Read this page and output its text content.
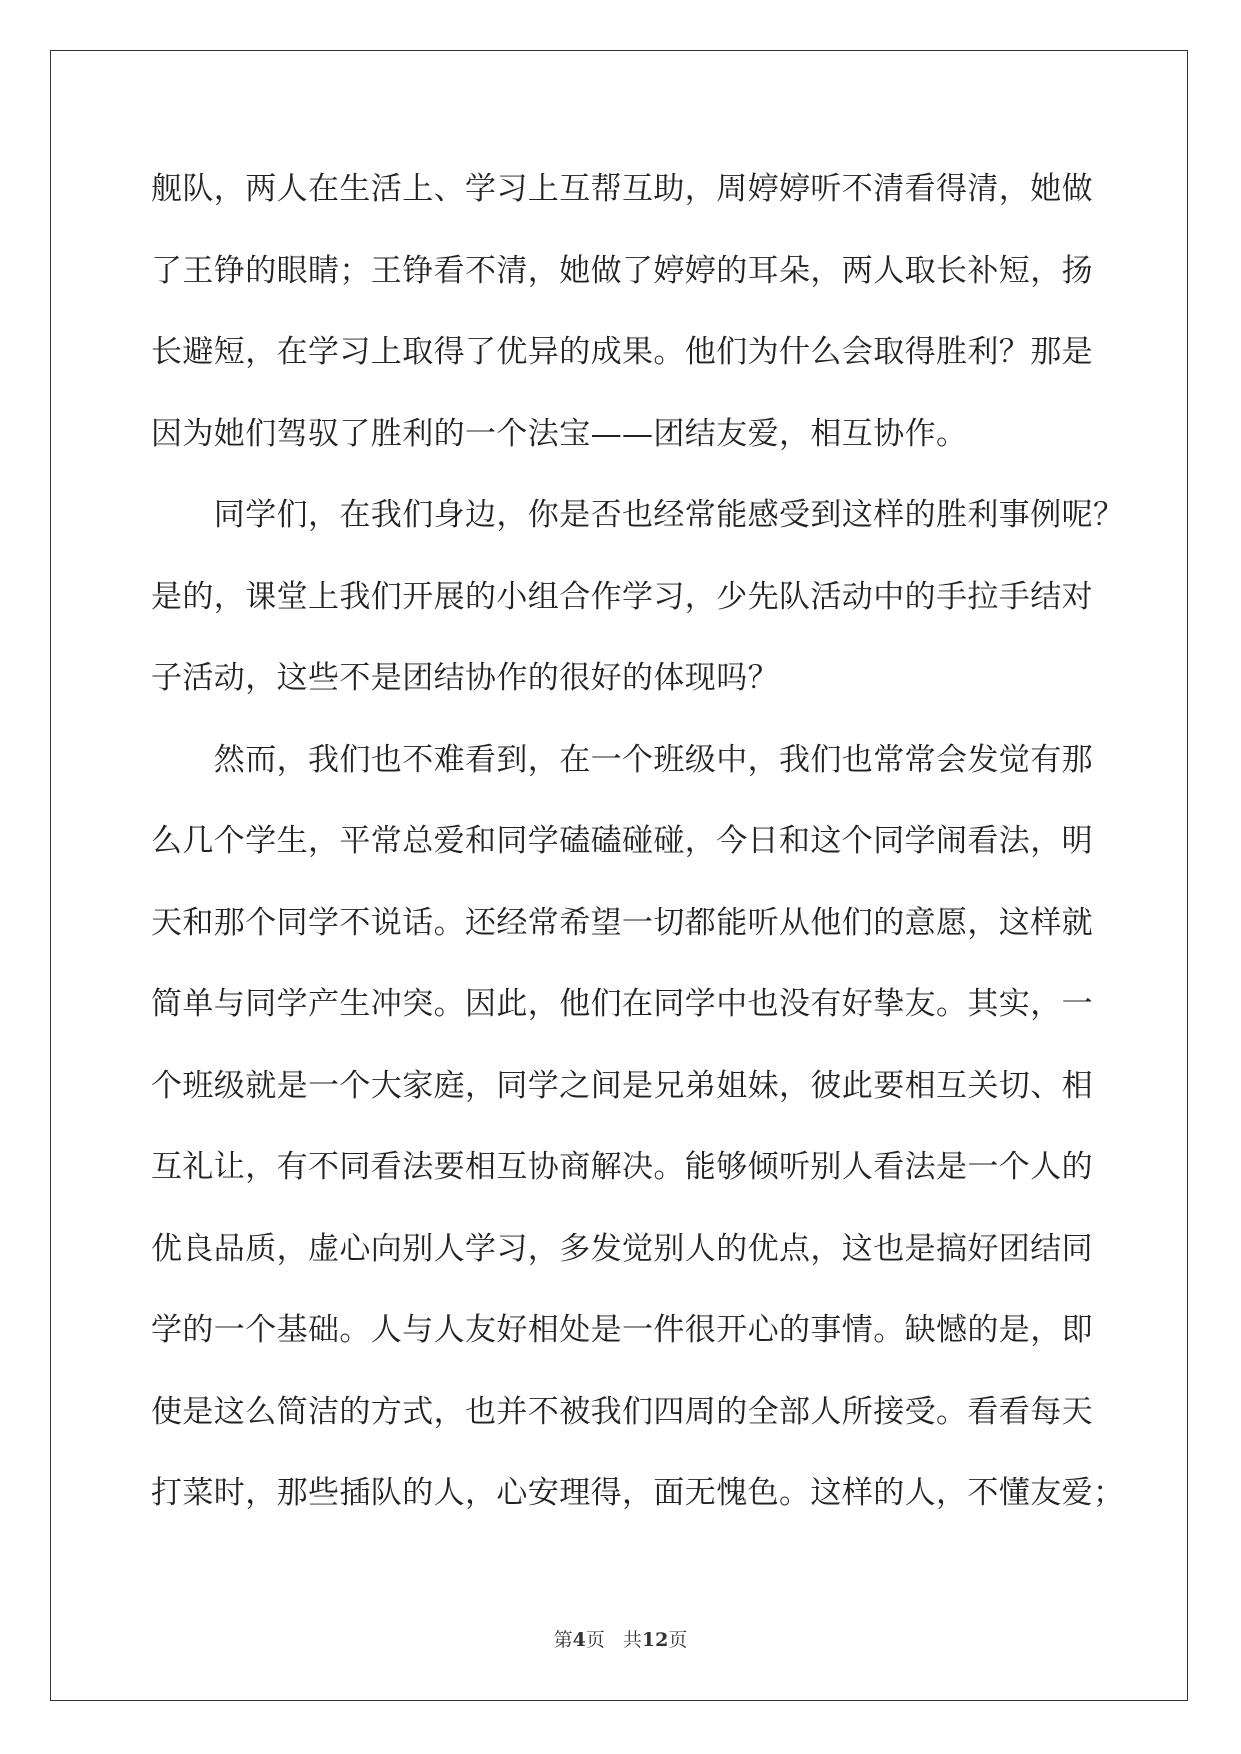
舰队，两人在生活上、学习上互帮互助，周婷婷听不清看得清，她做
了王铮的眼睛；王铮看不清，她做了婷婷的耳朵，两人取长补短，扬
长避短，在学习上取得了优异的成果。他们为什么会取得胜利？那是
因为她们驾驭了胜利的一个法宝——团结友爱，相互协作。
　　同学们，在我们身边，你是否也经常能感受到这样的胜利事例呢？
是的，课堂上我们开展的小组合作学习，少先队活动中的手拉手结对
子活动，这些不是团结协作的很好的体现吗？
　　然而，我们也不难看到，在一个班级中，我们也常常会发觉有那
么几个学生，平常总爱和同学磕磕碰碰，今日和这个同学闹看法，明
天和那个同学不说话。还经常希望一切都能听从他们的意愿，这样就
简单与同学产生冲突。因此，他们在同学中也没有好挚友。其实，一
个班级就是一个大家庭，同学之间是兄弟姐妹，彼此要相互关切、相
互礼让，有不同看法要相互协商解决。能够倾听别人看法是一个人的
优良品质，虚心向别人学习，多发觉别人的优点，这也是搞好团结同
学的一个基础。人与人友好相处是一件很开心的事情。缺憾的是，即
使是这么简洁的方式，也并不被我们四周的全部人所接受。看看每天
打菜时，那些插队的人，心安理得，面无愧色。这样的人，不懂友爱；
第4页 共12页
